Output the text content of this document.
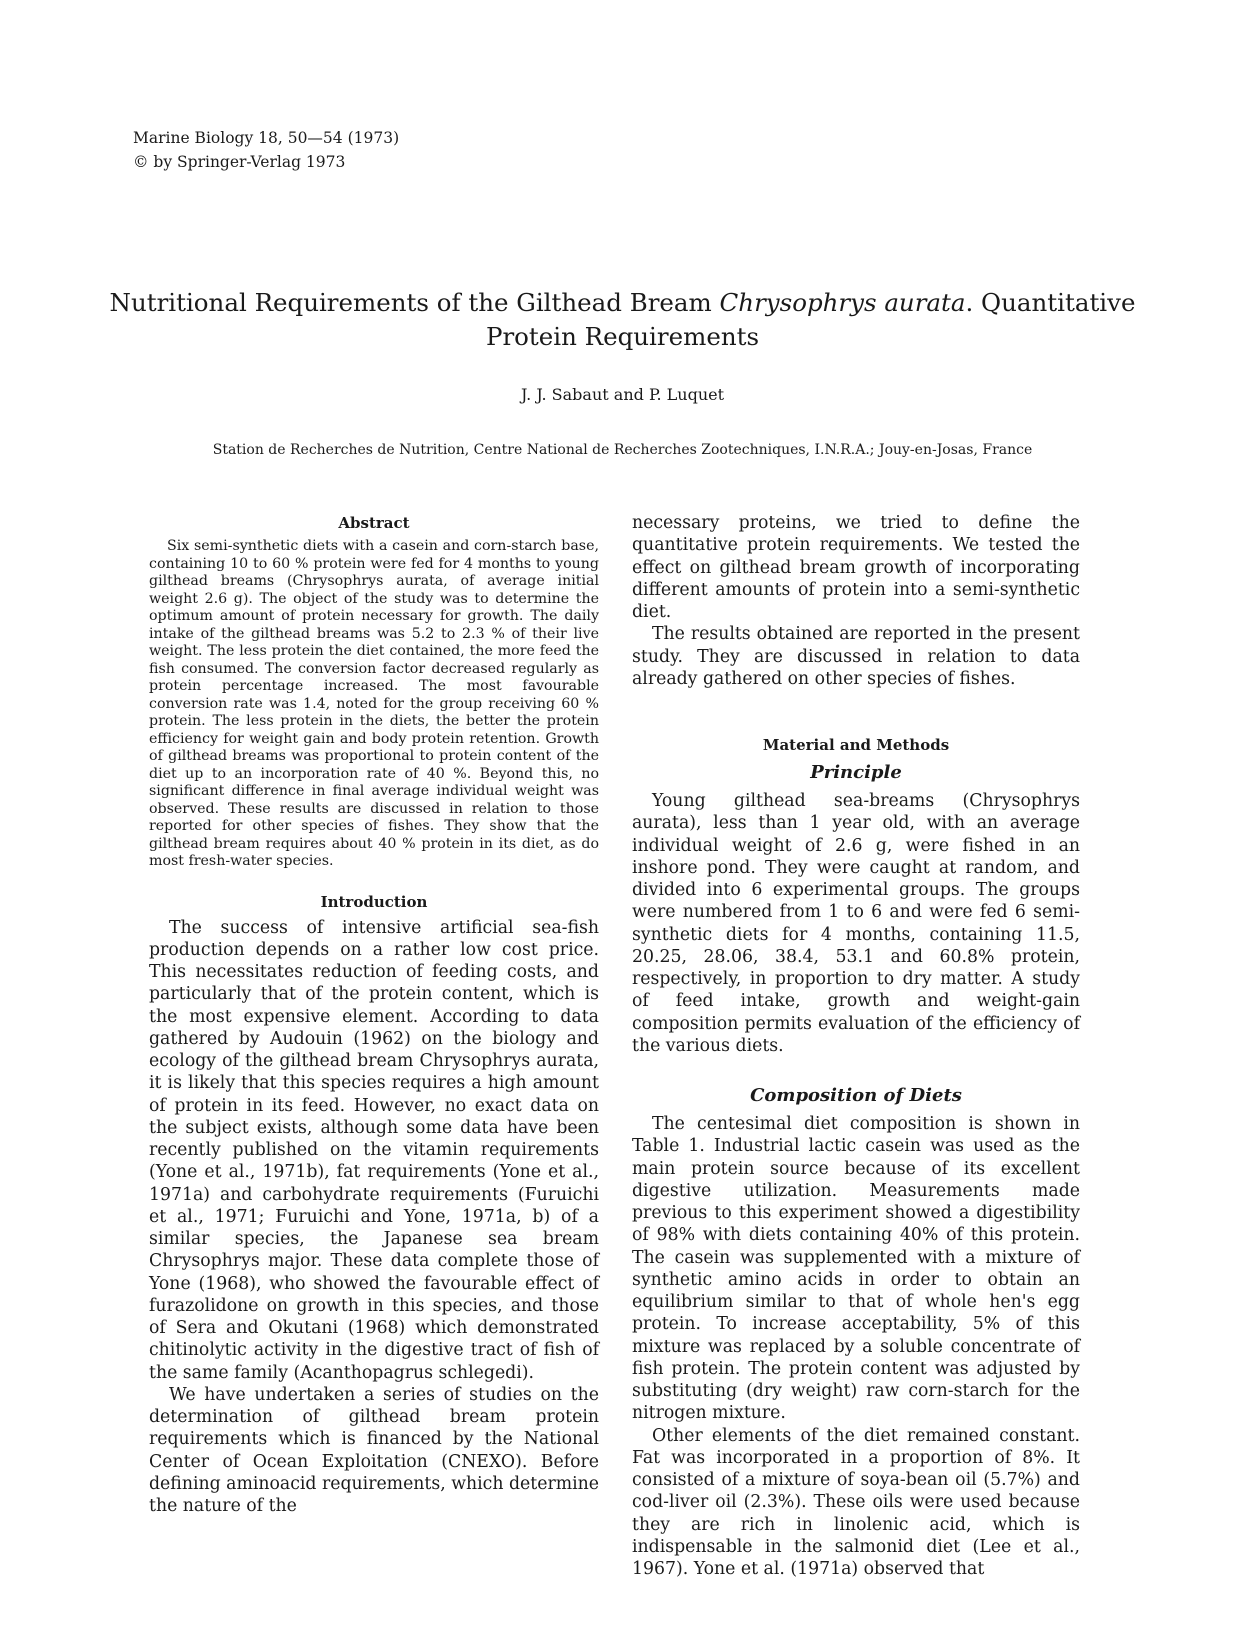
Marine Biology 18, 50—54 (1973)
© by Springer-Verlag 1973
Nutritional Requirements of the Gilthead Bream Chrysophrys aurata. Quantitative
Protein Requirements
J. J. Sabaut and P. Luquet
Station de Recherches de Nutrition, Centre National de Recherches Zootechniques, I.N.R.A.; Jouy-en-Josas, France
Abstract

Six semi-synthetic diets with a casein and corn-starch base, containing 10 to 60 % protein were fed for 4 months to young gilthead breams (Chrysophrys aurata, of average initial weight 2.6 g). The object of the study was to determine the optimum amount of protein necessary for growth. The daily intake of the gilthead breams was 5.2 to 2.3 % of their live weight. The less protein the diet contained, the more feed the fish consumed. The conversion factor decreased regularly as protein percentage increased. The most favourable conversion rate was 1.4, noted for the group receiving 60 % protein. The less protein in the diets, the better the protein efficiency for weight gain and body protein retention. Growth of gilthead breams was proportional to protein content of the diet up to an incorporation rate of 40 %. Beyond this, no significant difference in final average individual weight was observed. These results are discussed in relation to those reported for other species of fishes. They show that the gilthead bream requires about 40 % protein in its diet, as do most fresh-water species.

Introduction

The success of intensive artificial sea-fish production depends on a rather low cost price. This necessitates reduction of feeding costs, and particularly that of the protein content, which is the most expensive element. According to data gathered by Audouin (1962) on the biology and ecology of the gilthead bream Chrysophrys aurata, it is likely that this species requires a high amount of protein in its feed. However, no exact data on the subject exists, although some data have been recently published on the vitamin requirements (Yone et al., 1971b), fat requirements (Yone et al., 1971a) and carbohydrate requirements (Furuichi et al., 1971; Furuichi and Yone, 1971a, b) of a similar species, the Japanese sea bream Chrysophrys major. These data complete those of Yone (1968), who showed the favourable effect of furazolidone on growth in this species, and those of Sera and Okutani (1968) which demonstrated chitinolytic activity in the digestive tract of fish of the same family (Acanthopagrus schlegedi).

We have undertaken a series of studies on the determination of gilthead bream protein requirements which is financed by the National Center of Ocean Exploitation (CNEXO). Before defining aminoacid requirements, which determine the nature of the

necessary proteins, we tried to define the quantitative protein requirements. We tested the effect on gilthead bream growth of incorporating different amounts of protein into a semi-synthetic diet.

The results obtained are reported in the present study. They are discussed in relation to data already gathered on other species of fishes.

Material and Methods
Principle

Young gilthead sea-breams (Chrysophrys aurata), less than 1 year old, with an average individual weight of 2.6 g, were fished in an inshore pond. They were caught at random, and divided into 6 experimental groups. The groups were numbered from 1 to 6 and were fed 6 semi-synthetic diets for 4 months, containing 11.5, 20.25, 28.06, 38.4, 53.1 and 60.8% protein, respectively, in proportion to dry matter. A study of feed intake, growth and weight-gain composition permits evaluation of the efficiency of the various diets.

Composition of Diets

The centesimal diet composition is shown in Table 1. Industrial lactic casein was used as the main protein source because of its excellent digestive utilization. Measurements made previous to this experiment showed a digestibility of 98% with diets containing 40% of this protein. The casein was supplemented with a mixture of synthetic amino acids in order to obtain an equilibrium similar to that of whole hen's egg protein. To increase acceptability, 5% of this mixture was replaced by a soluble concentrate of fish protein. The protein content was adjusted by substituting (dry weight) raw corn-starch for the nitrogen mixture.

Other elements of the diet remained constant. Fat was incorporated in a proportion of 8%. It consisted of a mixture of soya-bean oil (5.7%) and cod-liver oil (2.3%). These oils were used because they are rich in linolenic acid, which is indispensable in the salmonid diet (Lee et al., 1967). Yone et al. (1971a) observed that
